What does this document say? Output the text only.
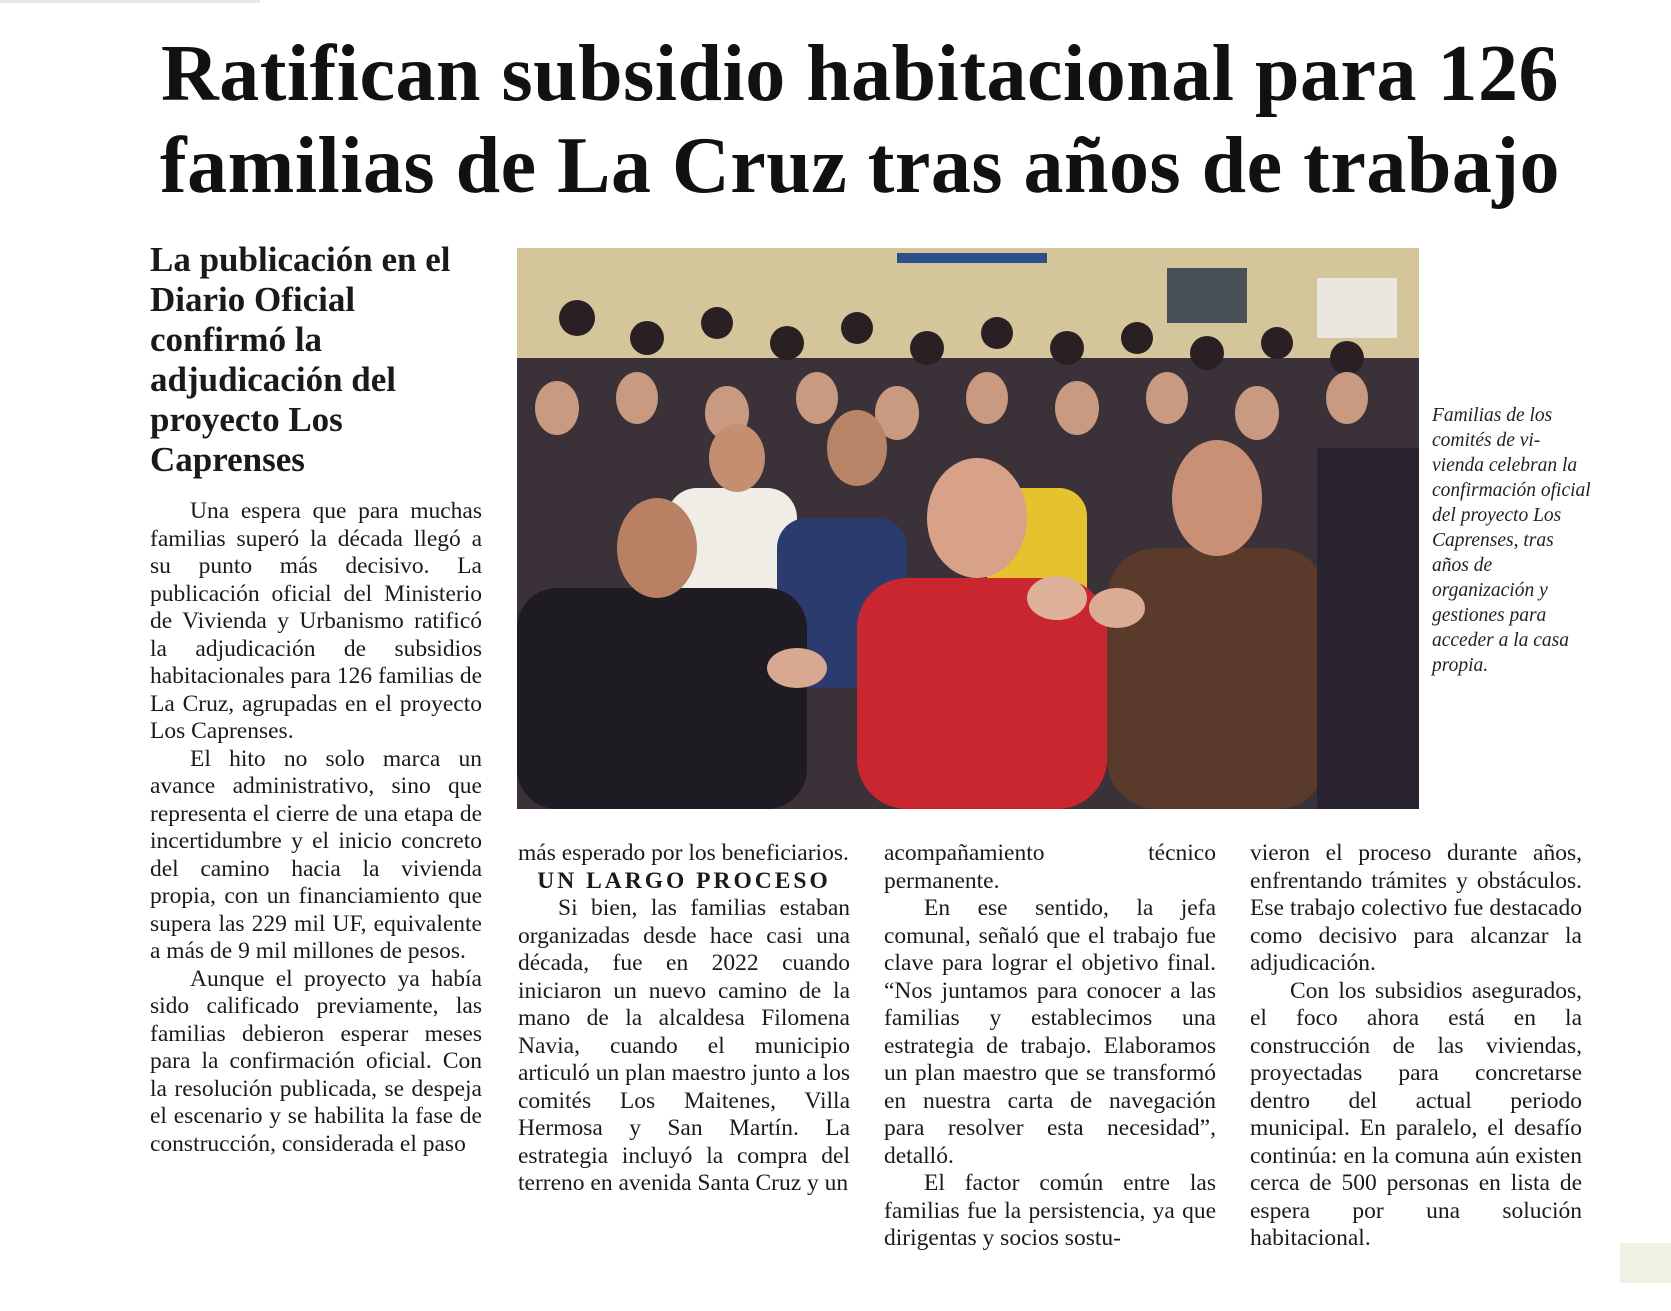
Ratifican subsidio habitacional para 126
familias de La Cruz tras años de trabajo
La publicación en el Diario Oficial confirmó la adjudicación del proyecto Los Caprenses

Una espera que para muchas familias superó la década llegó a su punto más decisivo. La publicación oficial del Ministerio de Vivienda y Urbanismo ratificó la adjudicación de subsidios habitacionales para 126 familias de La Cruz, agrupadas en el proyecto Los Caprenses.

El hito no solo marca un avance administrativo, sino que representa el cierre de una etapa de incertidumbre y el inicio concreto del camino hacia la vivienda propia, con un financiamiento que supera las 229 mil UF, equivalente a más de 9 mil millones de pesos.

Aunque el proyecto ya había sido calificado previamente, las familias debieron esperar meses para la confirmación oficial. Con la resolución publicada, se despeja el escenario y se habilita la fase de construcción, considerada el paso

Familias de los comités de vi-vienda celebran la confirmación oficial del proyecto Los Caprenses, tras años de organización y gestiones para acceder a la casa propia.

más esperado por los beneficiarios.

UN LARGO PROCESO

Si bien, las familias estaban organizadas desde hace casi una década, fue en 2022 cuando iniciaron un nuevo camino de la mano de la alcaldesa Filomena Navia, cuando el municipio articuló un plan maestro junto a los comités Los Maitenes, Villa Hermosa y San Martín. La estrategia incluyó la compra del terreno en avenida Santa Cruz y un

acompañamiento técnico permanente.

En ese sentido, la jefa comunal, señaló que el trabajo fue clave para lograr el objetivo final. “Nos juntamos para conocer a las familias y establecimos una estrategia de trabajo. Elaboramos un plan maestro que se transformó en nuestra carta de navegación para resolver esta necesidad”, detalló.

El factor común entre las familias fue la persistencia, ya que dirigentas y socios sostu-

vieron el proceso durante años, enfrentando trámites y obstáculos. Ese trabajo colectivo fue destacado como decisivo para alcanzar la adjudicación.

Con los subsidios asegurados, el foco ahora está en la construcción de las viviendas, proyectadas para concretarse dentro del actual periodo municipal. En paralelo, el desafío continúa: en la comuna aún existen cerca de 500 personas en lista de espera por una solución habitacional.
